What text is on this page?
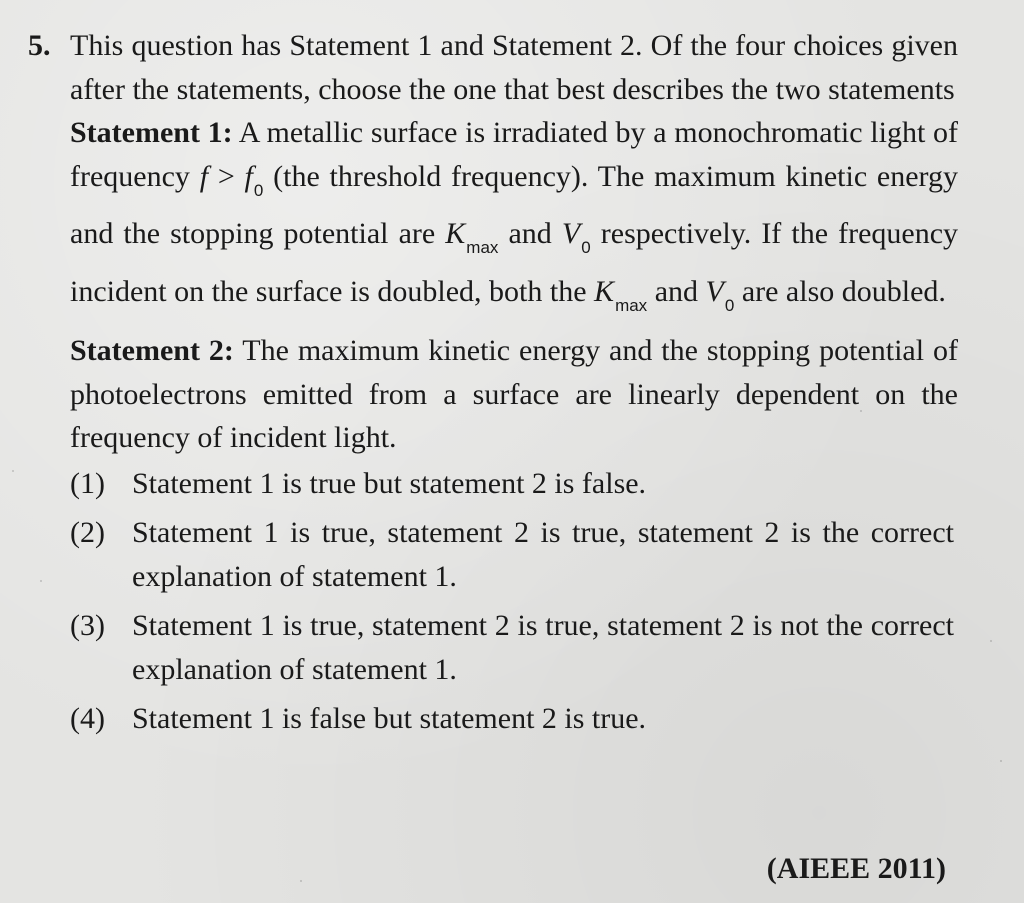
5. This question has Statement 1 and Statement 2. Of the four choices given after the statements, choose the one that best describes the two statements
Statement 1: A metallic surface is irradiated by a monochromatic light of frequency $f > f_0$ (the threshold frequency). The maximum kinetic energy and the stopping potential are $K_{max}$ and $V_0$ respectively. If the frequency incident on the surface is doubled, both the $K_{max}$ and $V_0$ are also doubled.
Statement 2: The maximum kinetic energy and the stopping potential of photoelectrons emitted from a surface are linearly dependent on the frequency of incident light.
(1) Statement 1 is true but statement 2 is false.
(2) Statement 1 is true, statement 2 is true, statement 2 is the correct explanation of statement 1.
(3) Statement 1 is true, statement 2 is true, statement 2 is not the correct explanation of statement 1.
(4) Statement 1 is false but statement 2 is true.
(AIEEE 2011)
